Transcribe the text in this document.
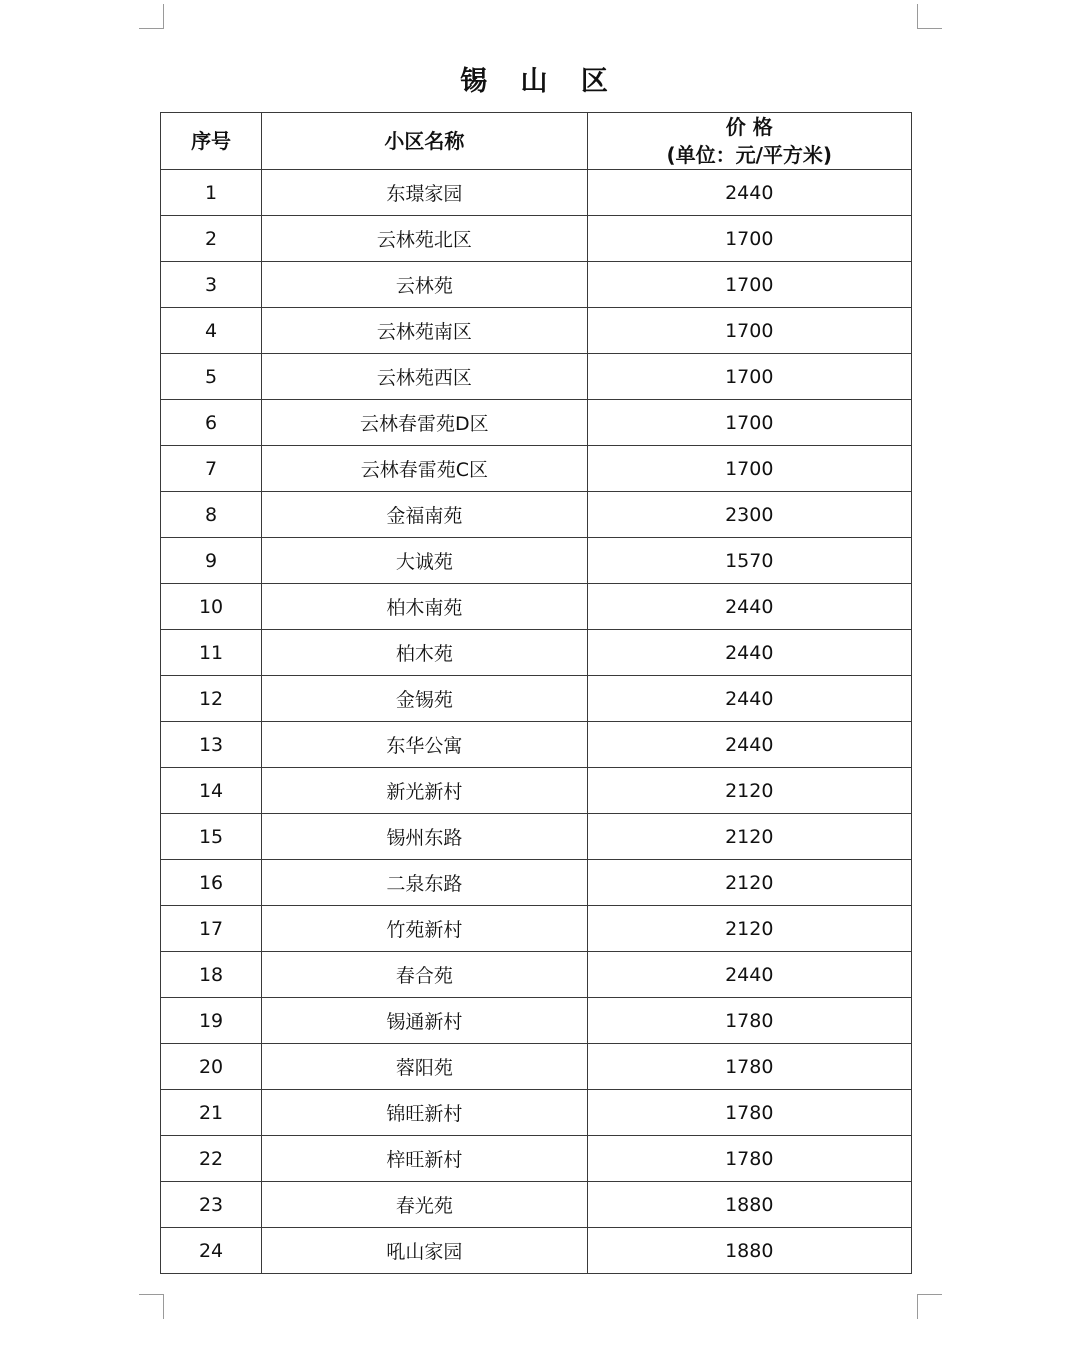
锡 山 区
序号	小区名称	价 格
(单位：元/平方米)

1	东璟家园	2440
2	云林苑北区	1700
3	云林苑	1700
4	云林苑南区	1700
5	云林苑西区	1700
6	云林春雷苑D区	1700
7	云林春雷苑C区	1700
8	金福南苑	2300
9	大诚苑	1570
10	柏木南苑	2440
11	柏木苑	2440
12	金锡苑	2440
13	东华公寓	2440
14	新光新村	2120
15	锡州东路	2120
16	二泉东路	2120
17	竹苑新村	2120
18	春合苑	2440
19	锡通新村	1780
20	蓉阳苑	1780
21	锦旺新村	1780
22	梓旺新村	1780
23	春光苑	1880
24	吼山家园	1880
